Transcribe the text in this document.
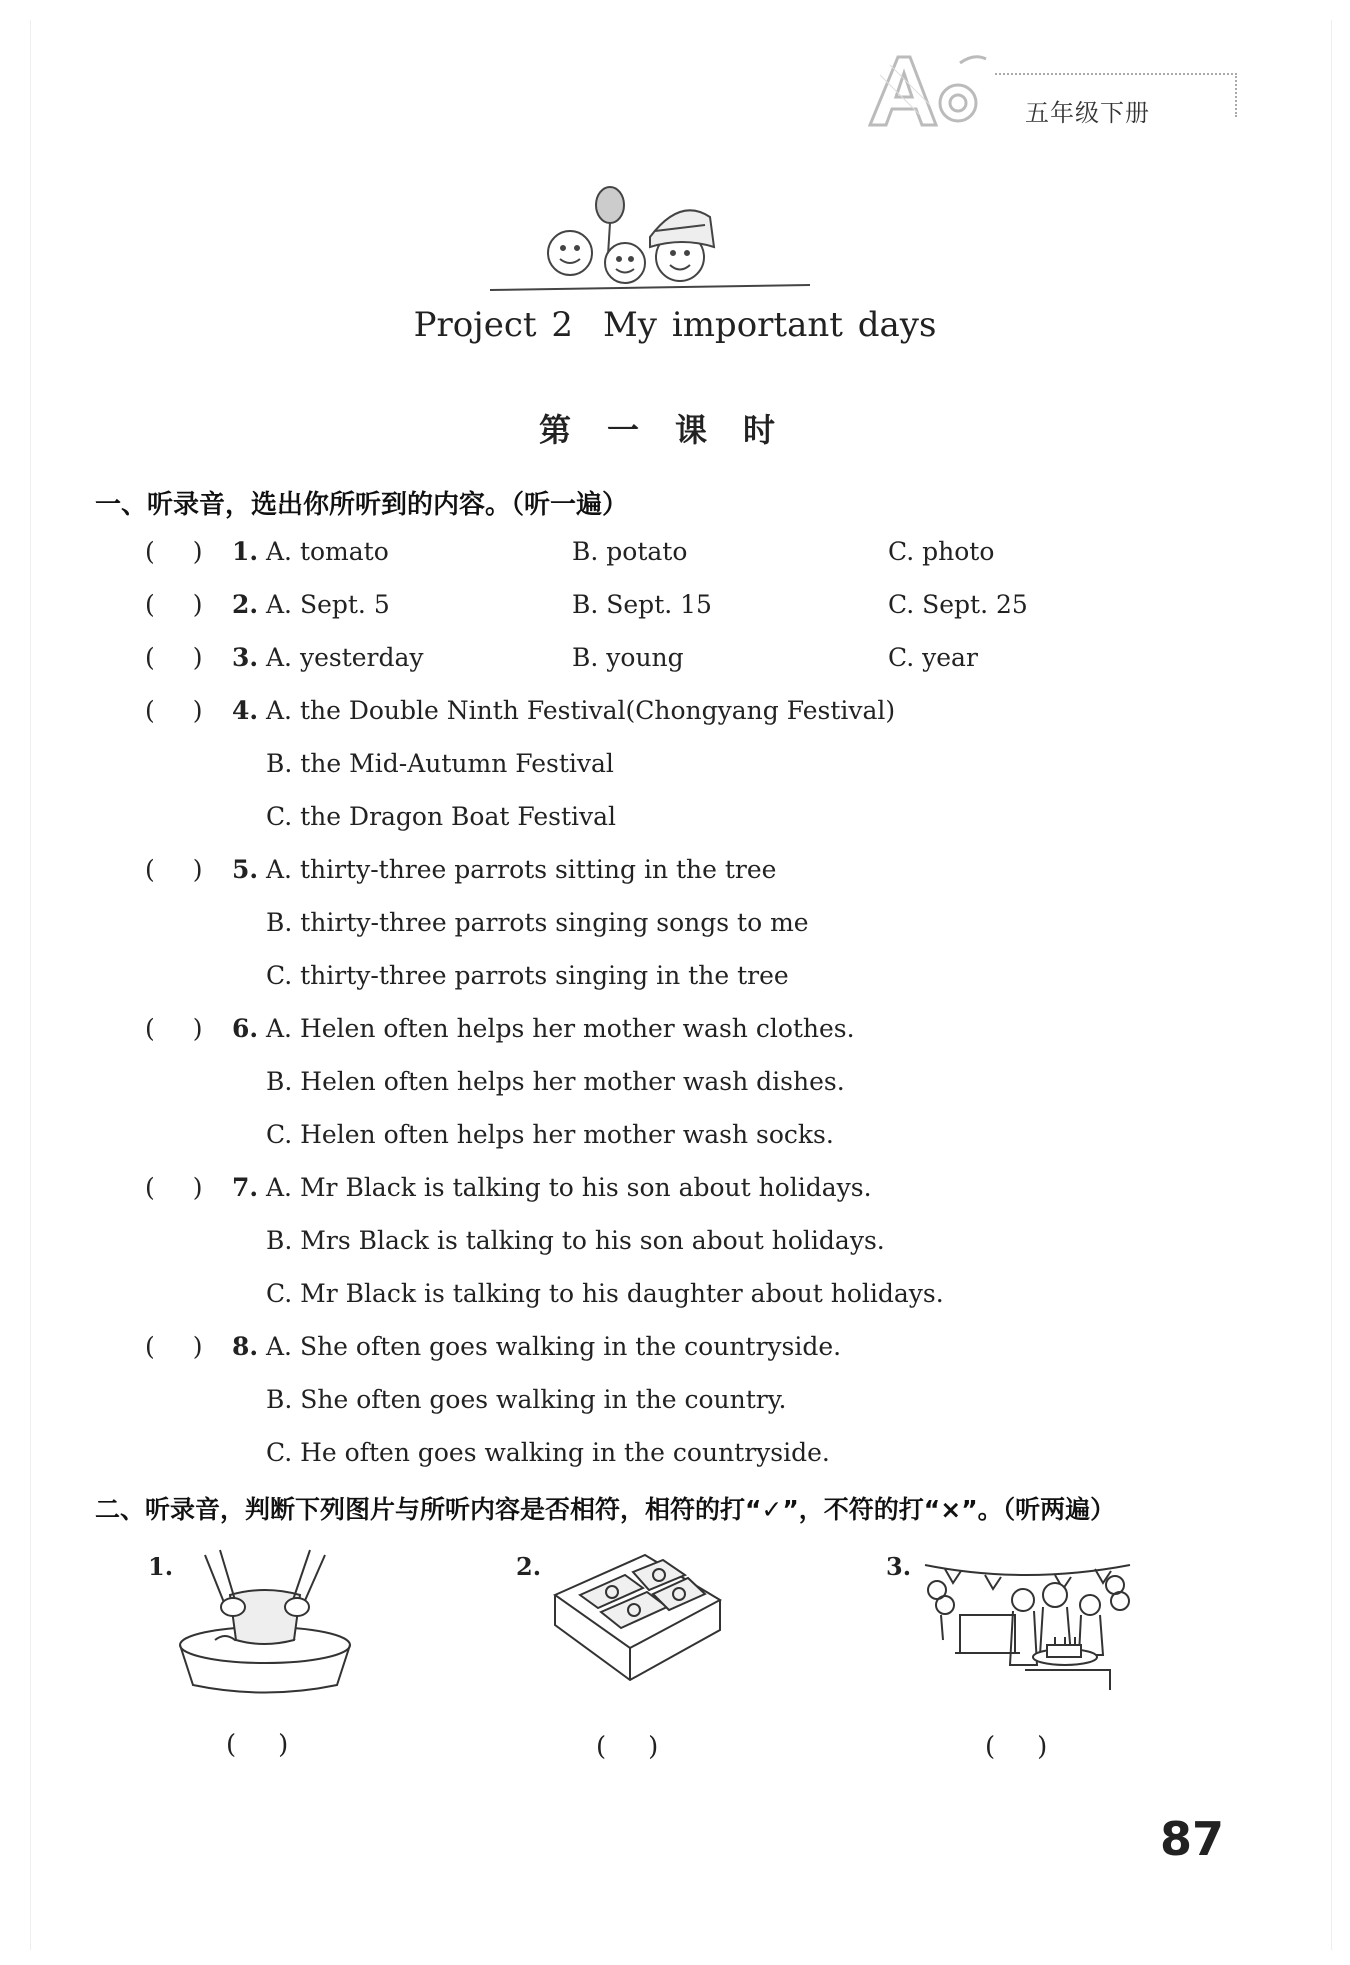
五年级下册
Project 2 My important days
第一课时
一、听录音，选出你所听到的内容。（听一遍）
( ) 1. A. tomato	B. potato	C. photo
( ) 2. A. Sept. 5	B. Sept. 15	C. Sept. 25
( ) 3. A. yesterday	B. young	C. year
( ) 4. A. the Double Ninth Festival(Chongyang Festival)
B. the Mid-Autumn Festival
C. the Dragon Boat Festival
( ) 5. A. thirty-three parrots sitting in the tree
B. thirty-three parrots singing songs to me
C. thirty-three parrots singing in the tree
( ) 6. A. Helen often helps her mother wash clothes.
B. Helen often helps her mother wash dishes.
C. Helen often helps her mother wash socks.
( ) 7. A. Mr Black is talking to his son about holidays.
B. Mrs Black is talking to his son about holidays.
C. Mr Black is talking to his daughter about holidays.
( ) 8. A. She often goes walking in the countryside.
B. She often goes walking in the country.
C. He often goes walking in the countryside.
二、听录音，判断下列图片与所听内容是否相符，相符的打“✓”，不符的打“×”。（听两遍）
1.
( )
2.
( )
3.
( )
87
